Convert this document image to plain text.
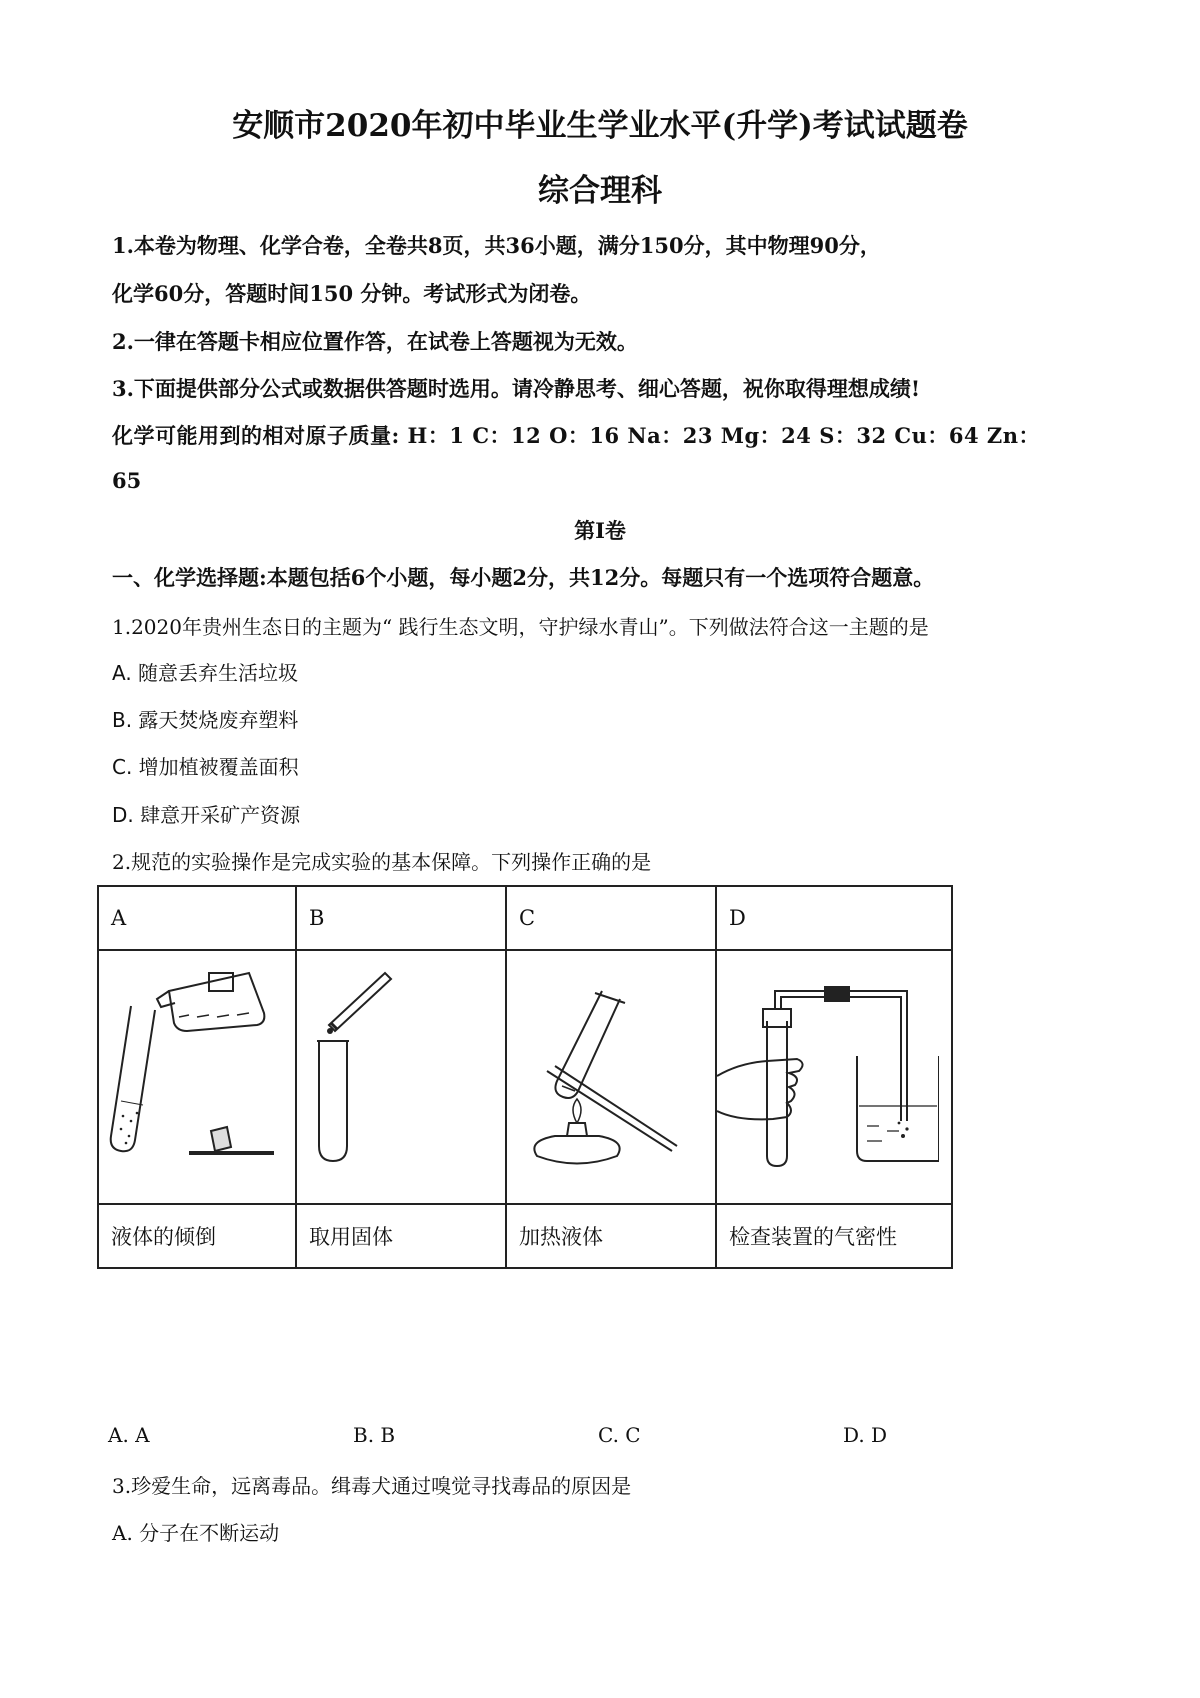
安顺市2020年初中毕业生学业水平(升学)考试试题卷
综合理科
1.本卷为物理、化学合卷，全卷共8页，共36小题，满分150分，其中物理90分，
化学60分，答题时间150 分钟。考试形式为闭卷。
2.一律在答题卡相应位置作答，在试卷上答题视为无效。
3.下面提供部分公式或数据供答题时选用。请冷静思考、细心答题，祝你取得理想成绩!
化学可能用到的相对原子质量: H：1 C：12 O：16 Na：23 Mg：24 S：32 Cu：64 Zn：
65
第I卷
一、化学选择题:本题包括6个小题，每小题2分，共12分。每题只有一个选项符合题意。
1.2020年贵州生态日的主题为“ 践行生态文明，守护绿水青山”。下列做法符合这一主题的是
A. 随意丢弃生活垃圾
B. 露天焚烧废弃塑料
C. 增加植被覆盖面积
D. 肆意开采矿产资源
2.规范的实验操作是完成实验的基本保障。下列操作正确的是
A	B	C	D

液体的倾倒	取用固体	加热液体	检查装置的气密性
A. A	B. B	C. C	D. D
3.珍爱生命，远离毒品。缉毒犬通过嗅觉寻找毒品的原因是
A. 分子在不断运动
